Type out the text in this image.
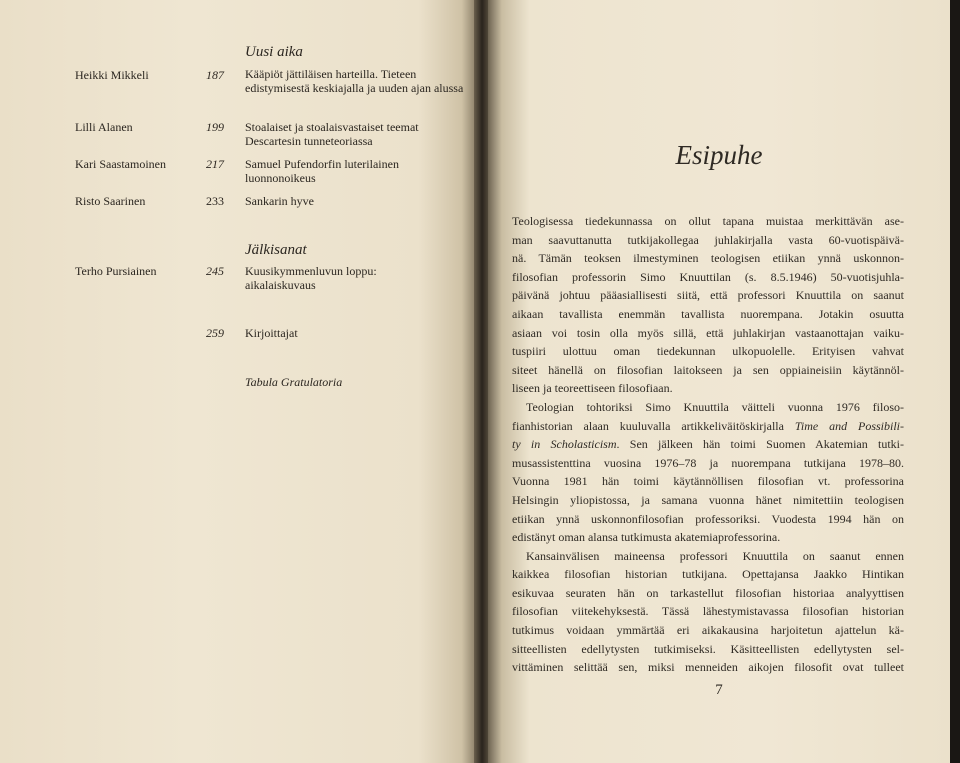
Uusi aika
Heikki Mikkeli	187 Kääpiöt jättiläisen harteilla. Tieteen edistymisestä keskiajalla ja uuden ajan alussa
Lilli Alanen	199 Stoalaiset ja stoalaisvastaiset teemat Descartesin tunneteoriassa
Kari Saastamoinen	217 Samuel Pufendorfin luterilainen luonnonoikeus
Risto Saarinen	233 Sankarin hyve
Jälkisanat
Terho Pursiainen	245 Kuusikymmenluvun loppu: aikalaiskuvaus
259 Kirjoittajat
Tabula Gratulatoria
Esipuhe
Teologisessa tiedekunnassa on ollut tapana muistaa merkittävän ase-
man saavuttanutta tutkijakollegaa juhlakirjalla vasta 60-vuotispäivä-
nä. Tämän teoksen ilmestyminen teologisen etiikan ynnä uskonnon-
filosofian professorin Simo Knuuttilan (s. 8.5.1946) 50-vuotisjuhla-
päivänä johtuu pääasiallisesti siitä, että professori Knuuttila on saanut
aikaan tavallista enemmän tavallista nuorempana. Jotakin osuutta
asiaan voi tosin olla myös sillä, että juhlakirjan vastaanottajan vaiku-
tuspiiri ulottuu oman tiedekunnan ulkopuolelle. Erityisen vahvat
siteet hänellä on filosofian laitokseen ja sen oppiaineisiin käytännöl-
liseen ja teoreettiseen filosofiaan.
Teologian tohtoriksi Simo Knuuttila väitteli vuonna 1976 filoso-
fianhistorian alaan kuuluvalla artikkeliväitöskirjalla Time and Possibili-
ty in Scholasticism. Sen jälkeen hän toimi Suomen Akatemian tutki-
musassistenttina vuosina 1976–78 ja nuorempana tutkijana 1978–80.
Vuonna 1981 hän toimi käytännöllisen filosofian vt. professorina
Helsingin yliopistossa, ja samana vuonna hänet nimitettiin teologisen
etiikan ynnä uskonnonfilosofian professoriksi. Vuodesta 1994 hän on
edistänyt oman alansa tutkimusta akatemiaprofessorina.
Kansainvälisen maineensa professori Knuuttila on saanut ennen
kaikkea filosofian historian tutkijana. Opettajansa Jaakko Hintikan
esikuvaa seuraten hän on tarkastellut filosofian historiaa analyyttisen
filosofian viitekehyksestä. Tässä lähestymistavassa filosofian historian
tutkimus voidaan ymmärtää eri aikakausina harjoitetun ajattelun kä-
sitteellisten edellytysten tutkimiseksi. Käsitteellisten edellytysten sel-
vittäminen selittää sen, miksi menneiden aikojen filosofit ovat tulleet
7
